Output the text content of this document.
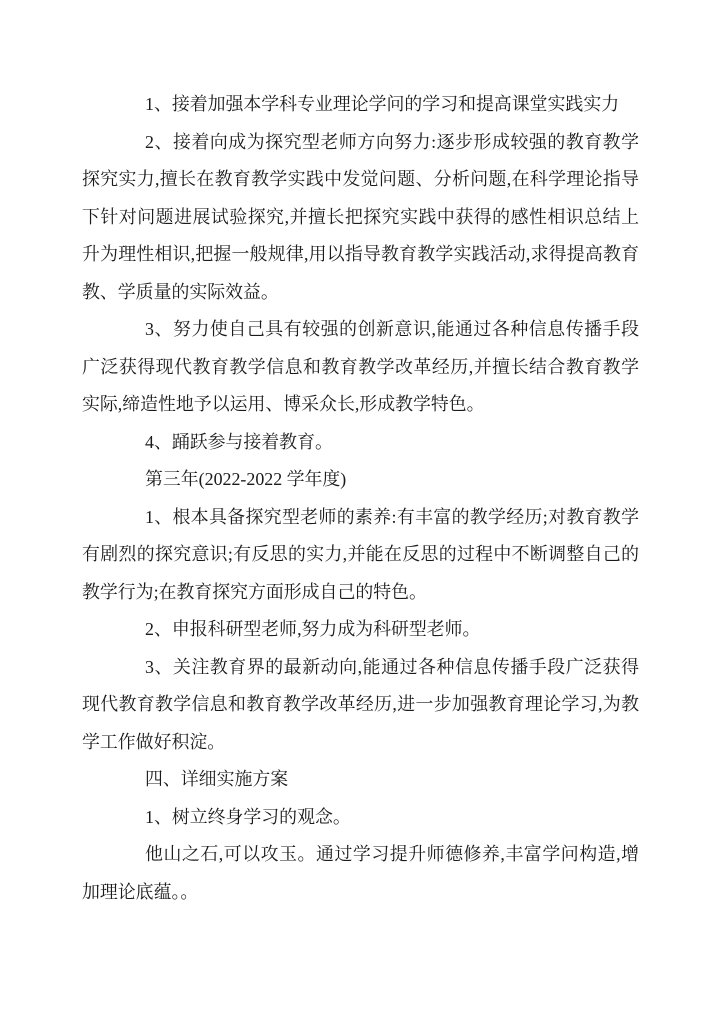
1、接着加强本学科专业理论学问的学习和提高课堂实践实力

2、接着向成为探究型老师方向努力:逐步形成较强的教育教学探究实力,擅长在教育教学实践中发觉问题、分析问题,在科学理论指导下针对问题进展试验探究,并擅长把探究实践中获得的感性相识总结上升为理性相识,把握一般规律,用以指导教育教学实践活动,求得提高教育教、学质量的实际效益。

3、努力使自己具有较强的创新意识,能通过各种信息传播手段广泛获得现代教育教学信息和教育教学改革经历,并擅长结合教育教学实际,缔造性地予以运用、博采众长,形成教学特色。

4、踊跃参与接着教育。

第三年(2022-2022 学年度)

1、根本具备探究型老师的素养:有丰富的教学经历;对教育教学有剧烈的探究意识;有反思的实力,并能在反思的过程中不断调整自己的教学行为;在教育探究方面形成自己的特色。

2、申报科研型老师,努力成为科研型老师。

3、关注教育界的最新动向,能通过各种信息传播手段广泛获得现代教育教学信息和教育教学改革经历,进一步加强教育理论学习,为教学工作做好积淀。

四、详细实施方案

1、树立终身学习的观念。

他山之石,可以攻玉。通过学习提升师德修养,丰富学问构造,增加理论底蕴。。
